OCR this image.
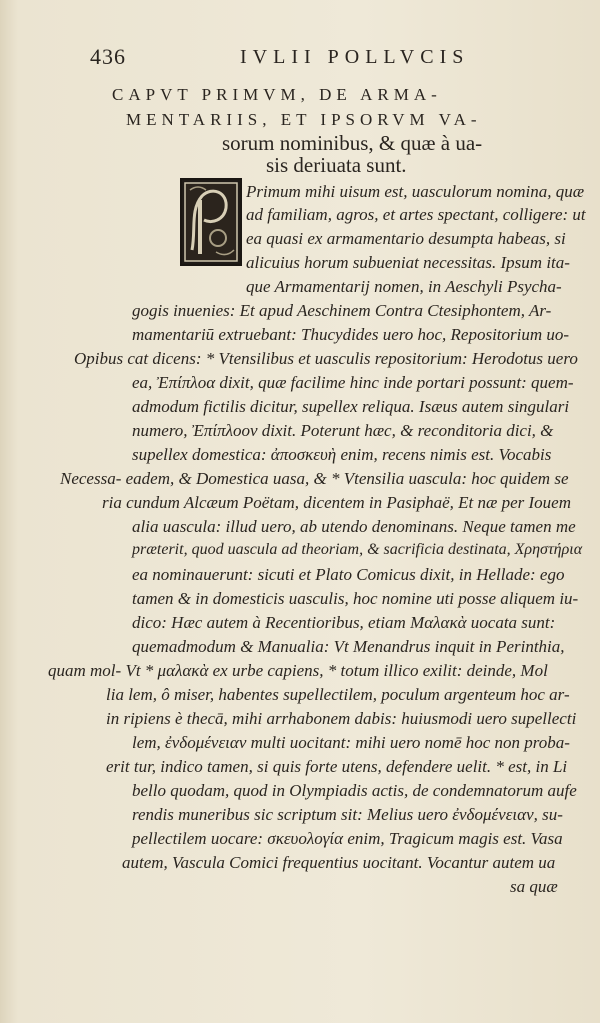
436	IVLII POLLVCIS
CAPVT PRIMVM, DE ARMA-
MENTARIIS, ET IPSORVM VA-
sorum nominibus, & quæ à ua-
sis deriuata sunt.
Primum mihi uisum est, uasculorum nomina, quæ
ad familiam, agros, et artes spectant, colligere: ut
ea quasi ex armamentario desumpta habeas, si
alicuius horum subueniat necessitas. Ipsum ita-
que Armamentarij nomen, in Aeschyli Psycha-
gogis inuenies: Et apud Aeschinem Contra Ctesiphontem, Ar-
mamentariū extruebant: Thucydides uero hoc, Repositorium uo-
Opibus cat dicens: * Vtensilibus et uasculis repositorium: Herodotus uero
ea, Ἐπίπλοα dixit, quæ facilime hinc inde portari possunt: quem-
admodum fictilis dicitur, supellex reliqua. Isæus autem singulari
numero, Ἐπίπλοον dixit. Poterunt hæc, & reconditoria dici, &
supellex domestica: ἀποσκευὴ enim, recens nimis est. Vocabis
Necessa- eadem, & Domestica uasa, & * Vtensilia uascula: hoc quidem se
ria cundum Alcæum Poëtam, dicentem in Pasiphaë, Et næ per Iouem
alia uascula: illud uero, ab utendo denominans. Neque tamen me
præterit, quod uascula ad theoriam, & sacrificia destinata, Χρηστήρια
ea nominauerunt: sicuti et Plato Comicus dixit, in Hellade: ego
tamen & in domesticis uasculis, hoc nomine uti posse aliquem iu-
dico: Hæc autem à Recentioribus, etiam Μαλακὰ uocata sunt:
quemadmodum & Manualia: Vt Menandrus inquit in Perinthia,
quam mol- Vt * μαλακὰ ex urbe capiens, * totum illico exilit: deinde, Mol
lia lem, ô miser, habentes supellectilem, poculum argenteum hoc ar-
in ripiens è thecā, mihi arrhabonem dabis: huiusmodi uero supellecti
lem, ἐνδομένειαν multi uocitant: mihi uero nomē hoc non proba-
erit tur, indico tamen, si quis forte utens, defendere uelit. * est, in Li
bello quodam, quod in Olympiadis actis, de condemnatorum aufe
rendis muneribus sic scriptum sit: Melius uero ἐνδομένειαν, su-
pellectilem uocare: σκευολογία enim, Tragicum magis est. Vasa
autem, Vascula Comici frequentius uocitant. Vocantur autem ua
sa quæ
